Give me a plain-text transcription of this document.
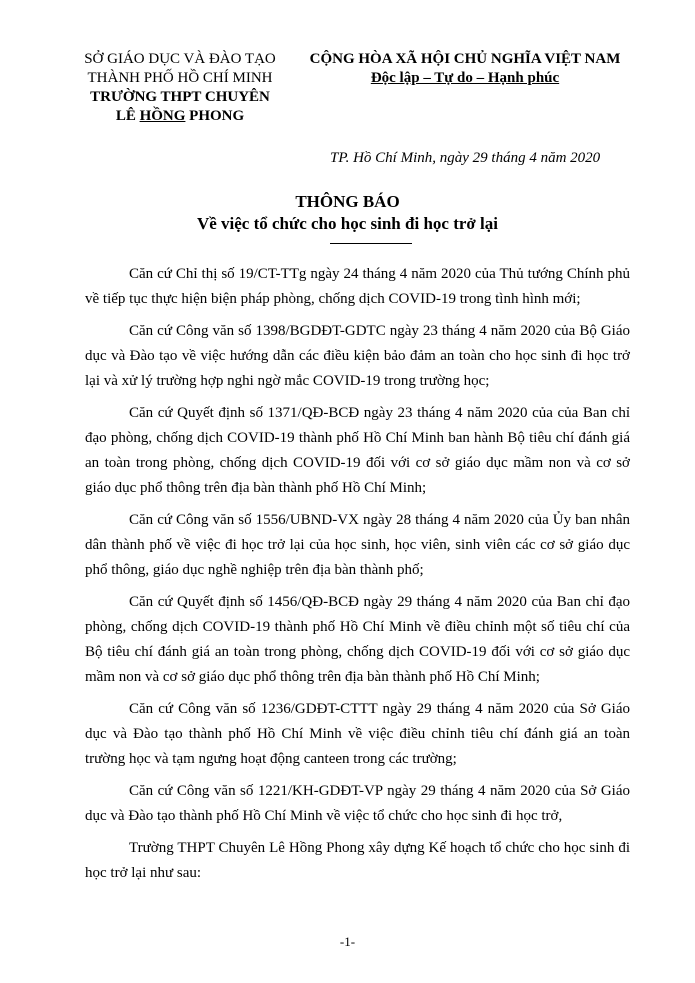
SỞ GIÁO DỤC VÀ ĐÀO TẠO
THÀNH PHỐ HỒ CHÍ MINH
TRƯỜNG THPT CHUYÊN
LÊ HỒNG PHONG
CỘNG HÒA XÃ HỘI CHỦ NGHĨA VIỆT NAM
Độc lập – Tự do – Hạnh phúc
TP. Hồ Chí Minh, ngày 29 tháng 4 năm 2020
THÔNG BÁO
Về việc tổ chức cho học sinh đi học trở lại

Căn cứ Chỉ thị số 19/CT-TTg ngày 24 tháng 4 năm 2020 của Thủ tướng Chính phủ về tiếp tục thực hiện biện pháp phòng, chống dịch COVID-19 trong tình hình mới;

Căn cứ Công văn số 1398/BGDĐT-GDTC ngày 23 tháng 4 năm 2020 của Bộ Giáo dục và Đào tạo về việc hướng dẫn các điều kiện bảo đảm an toàn cho học sinh đi học trở lại và xử lý trường hợp nghi ngờ mắc COVID-19 trong trường học;

Căn cứ Quyết định số 1371/QĐ-BCĐ ngày 23 tháng 4 năm 2020 của của Ban chỉ đạo phòng, chống dịch COVID-19 thành phố Hồ Chí Minh ban hành Bộ tiêu chí đánh giá an toàn trong phòng, chống dịch COVID-19 đối với cơ sở giáo dục mầm non và cơ sở giáo dục phổ thông trên địa bàn thành phố Hồ Chí Minh;

Căn cứ Công văn số 1556/UBND-VX ngày 28 tháng 4 năm 2020 của Ủy ban nhân dân thành phố về việc đi học trở lại của học sinh, học viên, sinh viên các cơ sở giáo dục phổ thông, giáo dục nghề nghiệp trên địa bàn thành phố;

Căn cứ Quyết định số 1456/QĐ-BCĐ ngày 29 tháng 4 năm 2020 của Ban chỉ đạo phòng, chống dịch COVID-19 thành phố Hồ Chí Minh về điều chỉnh một số tiêu chí của Bộ tiêu chí đánh giá an toàn trong phòng, chống dịch COVID-19 đối với cơ sở giáo dục mầm non và cơ sở giáo dục phổ thông trên địa bàn thành phố Hồ Chí Minh;

Căn cứ Công văn số 1236/GDĐT-CTTT ngày 29 tháng 4 năm 2020 của Sở Giáo dục và Đào tạo thành phố Hồ Chí Minh về việc điều chỉnh tiêu chí đánh giá an toàn trường học và tạm ngưng hoạt động canteen trong các trường;

Căn cứ Công văn số 1221/KH-GDĐT-VP ngày 29 tháng 4 năm 2020 của Sở Giáo dục và Đào tạo thành phố Hồ Chí Minh về việc tổ chức cho học sinh đi học trở,

Trường THPT Chuyên Lê Hồng Phong xây dựng Kế hoạch tổ chức cho học sinh đi học trở lại như sau:

-1-
